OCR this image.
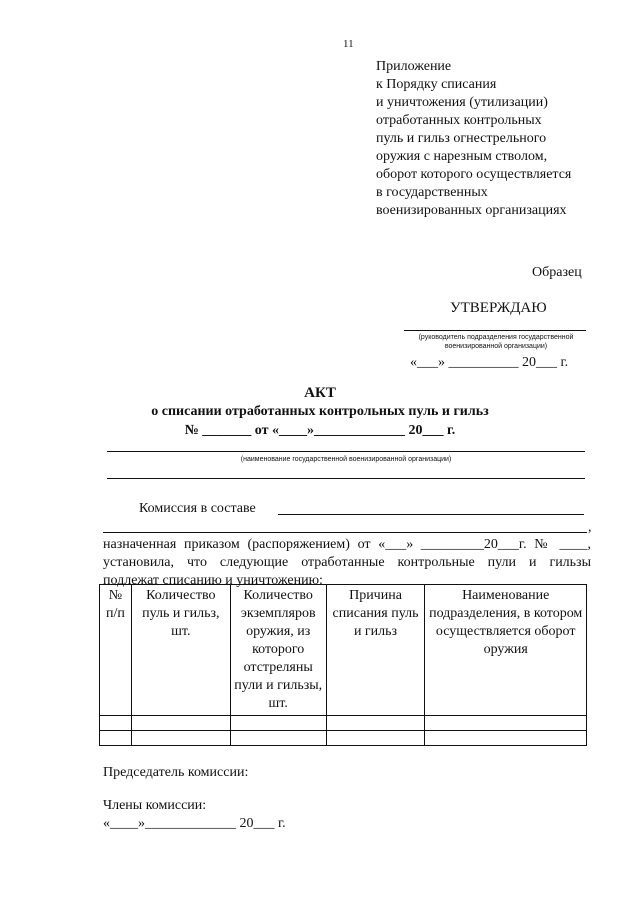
11
Приложение
к Порядку списания
и уничтожения (утилизации)
отработанных контрольных
пуль и гильз огнестрельного
оружия с нарезным стволом,
оборот которого осуществляется
в государственных
военизированных организациях
Образец
УТВЕРЖДАЮ
(руководитель подразделения государственной военизированной организации)
«___» __________ 20___ г.
АКТ
о списании отработанных контрольных пуль и гильз
№ _______ от «____»_____________ 20___ г.
(наименование государственной военизированной организации)
Комиссия в составе
,
назначенная приказом (распоряжением) от «___» _________20___г. № ____,
установила, что следующие отработанные контрольные пули и гильзы
подлежат списанию и уничтожению:
№ п/п	Количество пуль и гильз, шт.	Количество экземпляров оружия, из которого отстреляны пули и гильзы, шт.	Причина списания пуль и гильз	Наименование подразделения, в котором осуществляется оборот оружия

Председатель комиссии:
Члены комиссии:
«____»_____________ 20___ г.
